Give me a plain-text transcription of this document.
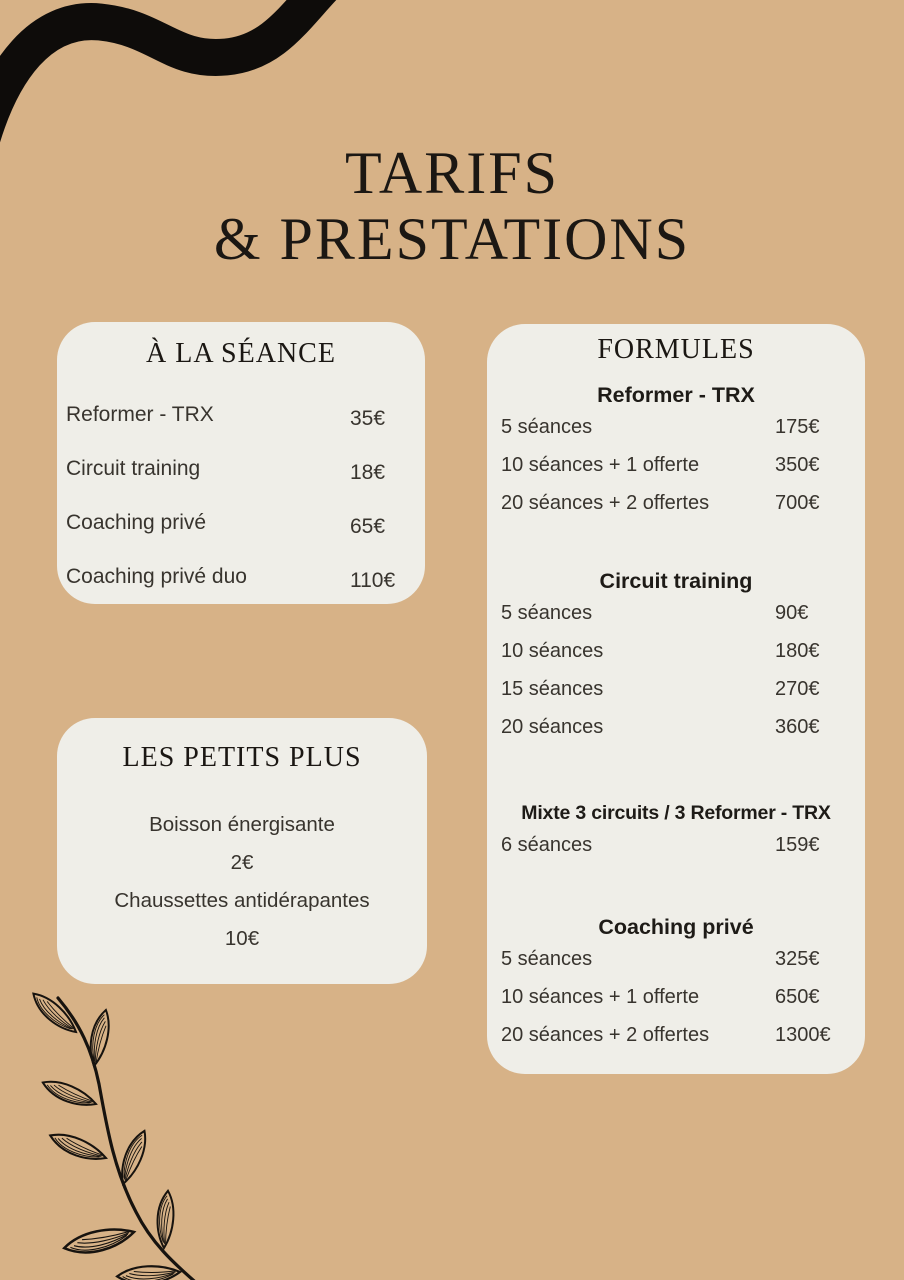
TARIFS
& PRESTATIONS
À LA SÉANCE
Reformer - TRX	35€
Circuit training	18€
Coaching privé	65€
Coaching privé duo	110€
FORMULES
Reformer - TRX
5 séances	175€
10 séances + 1 offerte	350€
20 séances + 2 offertes	700€
Circuit training
5 séances	90€
10 séances	180€
15 séances	270€
20 séances	360€
Mixte 3 circuits / 3 Reformer - TRX
6 séances	159€
Coaching privé
5 séances	325€
10 séances + 1 offerte	650€
20 séances + 2 offertes	1300€
LES PETITS PLUS
Boisson énergisante
2€
Chaussettes antidérapantes
10€
